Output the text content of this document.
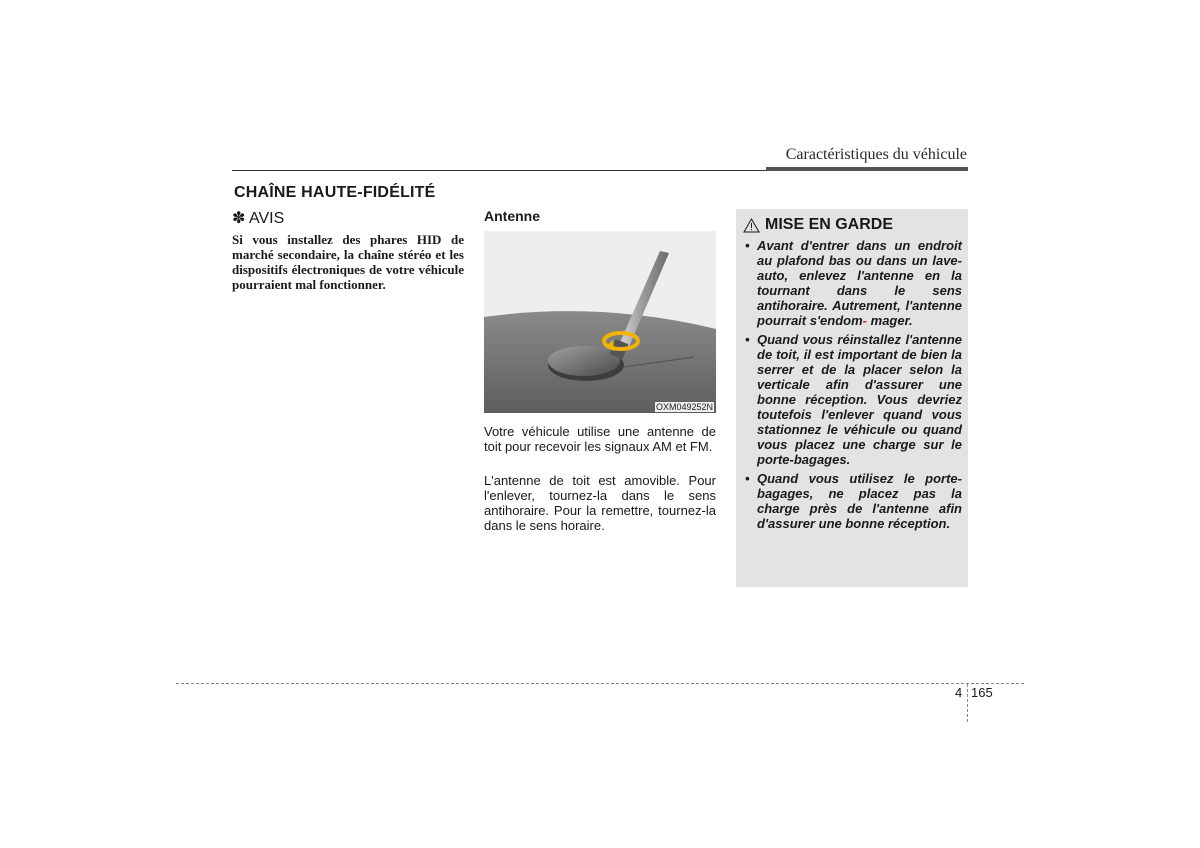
Caractéristiques du véhicule
CHAÎNE HAUTE-FIDÉLITÉ

✽ AVIS

Si vous installez des phares HID de marché secondaire, la chaîne stéréo et les dispositifs électroniques de votre véhicule pourraient mal fonctionner.

Antenne

OXM049252N

Votre véhicule utilise une antenne de toit pour recevoir les signaux AM et FM.

L'antenne de toit est amovible. Pour l'enlever, tournez-la dans le sens antihoraire. Pour la remettre, tournez-la dans le sens horaire.

MISE EN GARDE
• Avant d'entrer dans un endroit au plafond bas ou dans un lave-auto, enlevez l'antenne en la tournant dans le sens antihoraire. Autrement, l'antenne pourrait s'endom- mager.
• Quand vous réinstallez l'antenne de toit, il est important de bien la serrer et de la placer selon la verticale afin d'assurer une bonne réception. Vous devriez toutefois l'enlever quand vous stationnez le véhicule ou quand vous placez une charge sur le porte-bagages.
• Quand vous utilisez le porte-bagages, ne placez pas la charge près de l'antenne afin d'assurer une bonne réception.
4 165
